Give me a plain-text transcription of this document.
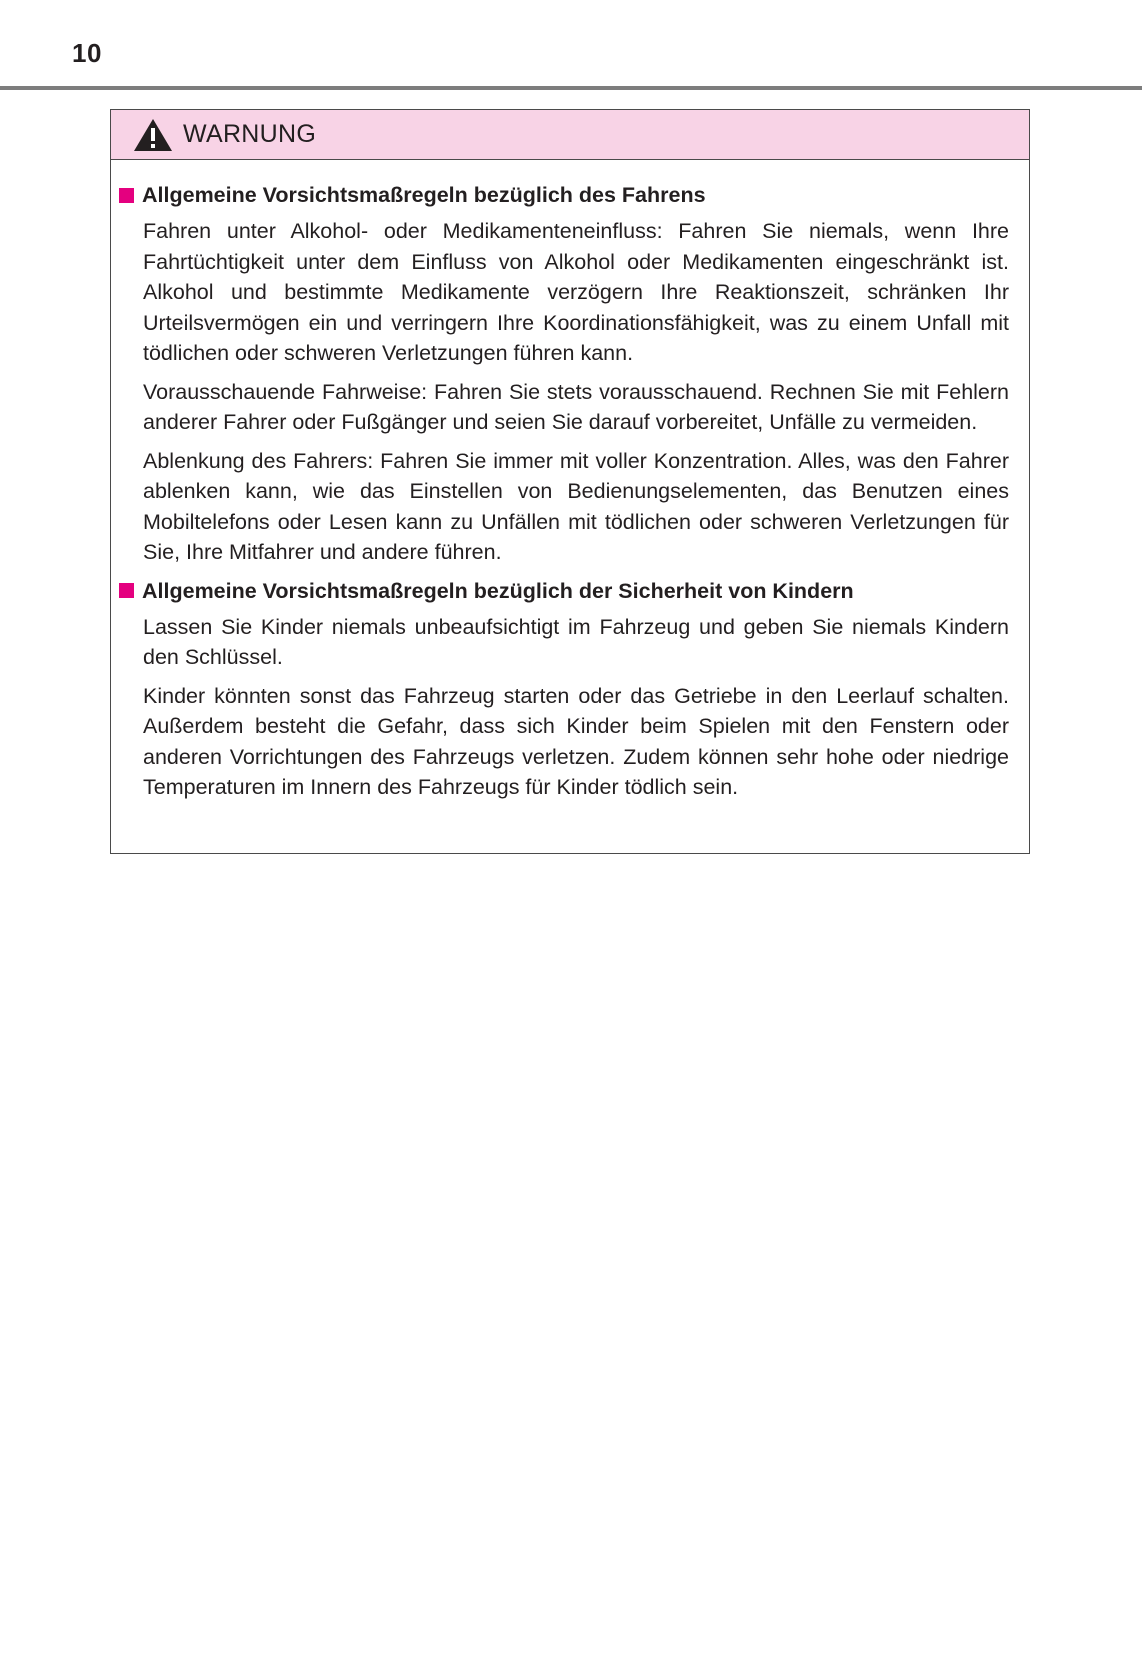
10
WARNUNG
Allgemeine Vorsichtsmaßregeln bezüglich des Fahrens

Fahren unter Alkohol- oder Medikamenteneinfluss: Fahren Sie niemals, wenn Ihre Fahrtüchtigkeit unter dem Einfluss von Alkohol oder Medikamenten eingeschränkt ist. Alkohol und bestimmte Medikamente verzögern Ihre Reaktionszeit, schränken Ihr Urteilsvermögen ein und verringern Ihre Koordinationsfähigkeit, was zu einem Unfall mit tödlichen oder schweren Verletzungen führen kann.

Vorausschauende Fahrweise: Fahren Sie stets vorausschauend. Rechnen Sie mit Fehlern anderer Fahrer oder Fußgänger und seien Sie darauf vorbereitet, Unfälle zu vermeiden.

Ablenkung des Fahrers: Fahren Sie immer mit voller Konzentration. Alles, was den Fahrer ablenken kann, wie das Einstellen von Bedienungselementen, das Benutzen eines Mobiltelefons oder Lesen kann zu Unfällen mit tödlichen oder schweren Verletzungen für Sie, Ihre Mitfahrer und andere führen.

Allgemeine Vorsichtsmaßregeln bezüglich der Sicherheit von Kindern

Lassen Sie Kinder niemals unbeaufsichtigt im Fahrzeug und geben Sie niemals Kindern den Schlüssel.

Kinder könnten sonst das Fahrzeug starten oder das Getriebe in den Leerlauf schalten. Außerdem besteht die Gefahr, dass sich Kinder beim Spielen mit den Fenstern oder anderen Vorrichtungen des Fahrzeugs verletzen. Zudem können sehr hohe oder niedrige Temperaturen im Innern des Fahrzeugs für Kinder tödlich sein.
